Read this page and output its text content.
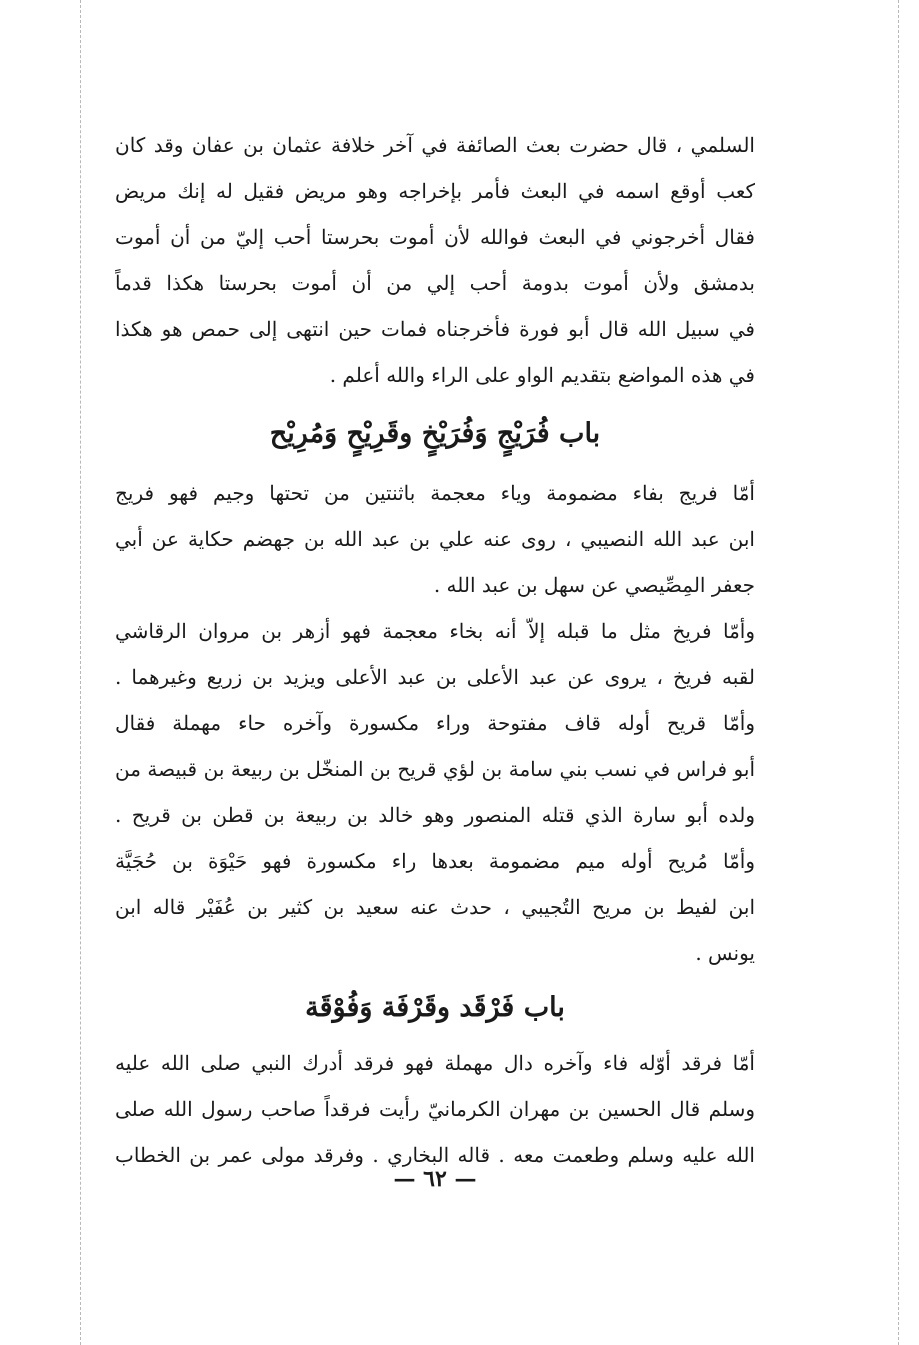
السلمي ، قال حضرت بعث الصائفة في آخر خلافة عثمان بن عفان وقد كان

كعب أوقع اسمه في البعث فأمر بإخراجه وهو مريض فقيل له إنك مريض

فقال أخرجوني في البعث فوالله لأن أموت بحرستا أحب إليّ من أن أموت

بدمشق ولأن أموت بدومة أحب إلي من أن أموت بحرستا هكذا قدماً

في سبيل الله قال أبو فورة فأخرجناه فمات حين انتهى إلى حمص هو هكذا

في هذه المواضع بتقديم الواو على الراء والله أعلم .

باب فُرَيْجٍ وَفُرَيْخٍ وقَرِيْحٍ وَمُرِيْح

أمّا فريج بفاء مضمومة وياء معجمة باثنتين من تحتها وجيم فهو فريج

ابن عبد الله النصيبي ، روى عنه علي بن عبد الله بن جهضم حكاية عن أبي

جعفر المِصِّيصي عن سهل بن عبد الله .

وأمّا فريخ مثل ما قبله إلاّ أنه بخاء معجمة فهو أزهر بن مروان الرقاشي

لقبه فريخ ، يروى عن عبد الأعلى بن عبد الأعلى ويزيد بن زريع وغيرهما .

وأمّا قريح أوله قاف مفتوحة وراء مكسورة وآخره حاء مهملة فقال

أبو فراس في نسب بني سامة بن لؤي قريح بن المنخّل بن ربيعة بن قبيصة من

ولده أبو سارة الذي قتله المنصور وهو خالد بن ربيعة بن قطن بن قريح .

وأمّا مُريح أوله ميم مضمومة بعدها راء مكسورة فهو حَيْوَة بن حُجَيَّة

ابن لفيط بن مريح التُجيبي ، حدث عنه سعيد بن كثير بن عُفَيْر قاله ابن

يونس .

باب فَرْقَد وقَرْفَة وَفُوْقَة

أمّا فرقد أوّله فاء وآخره دال مهملة فهو فرقد أدرك النبي صلى الله عليه

وسلم قال الحسين بن مهران الكرمانيّ رأيت فرقداً صاحب رسول الله صلى

الله عليه وسلم وطعمت معه . قاله البخاري . وفرقد مولى عمر بن الخطاب

— ٦٢ —
